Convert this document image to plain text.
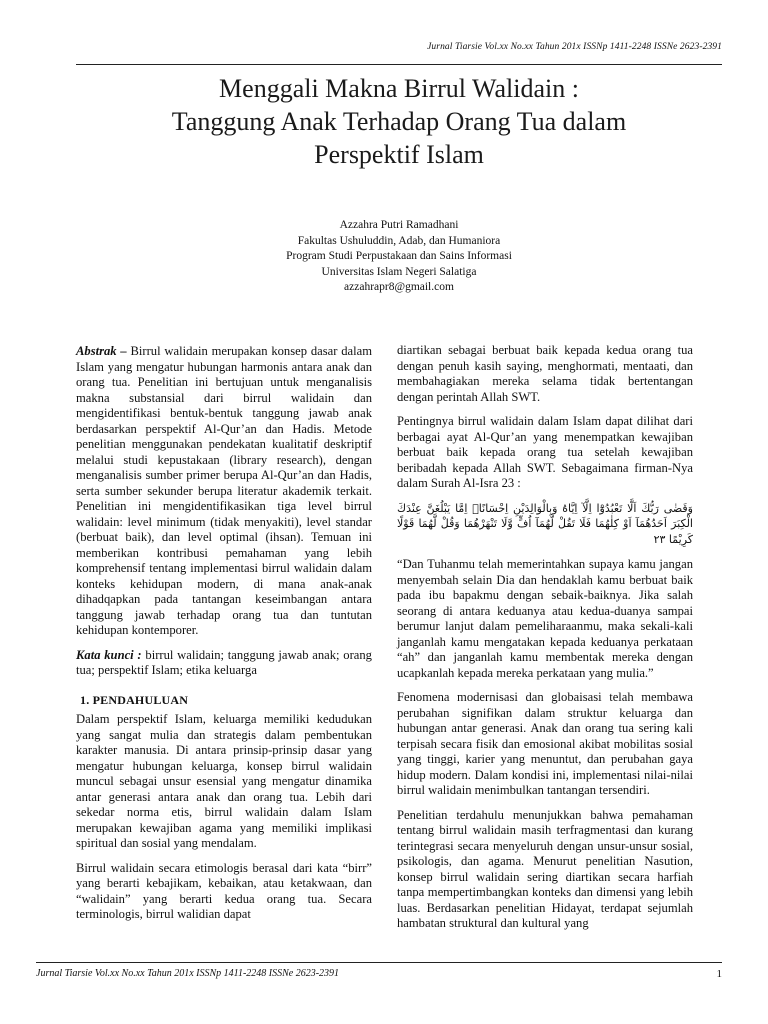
Jurnal Tiarsie Vol.xx No.xx Tahun 201x ISSNp 1411-2248 ISSNe 2623-2391
Menggali Makna Birrul Walidain :
Tanggung Anak Terhadap Orang Tua dalam
Perspektif Islam
Azzahra Putri Ramadhani
Fakultas Ushuluddin, Adab, dan Humaniora
Program Studi Perpustakaan dan Sains Informasi
Universitas Islam Negeri Salatiga
azzahrapr8@gmail.com

Abstrak – Birrul walidain merupakan konsep dasar dalam Islam yang mengatur hubungan harmonis antara anak dan orang tua. Penelitian ini bertujuan untuk menganalisis makna substansial dari birrul walidain dan mengidentifikasi bentuk-bentuk tanggung jawab anak berdasarkan perspektif Al-Qur’an dan Hadis. Metode penelitian menggunakan pendekatan kualitatif deskriptif melalui studi kepustakaan (library research), dengan menganalisis sumber primer berupa Al-Qur’an dan Hadis, serta sumber sekunder berupa literatur akademik terkait. Penelitian ini mengidentifikasikan tiga level birrul walidain: level minimum (tidak menyakiti), level standar (berbuat baik), dan level optimal (ihsan). Temuan ini memberikan kontribusi pemahaman yang lebih komprehensif tentang implementasi birrul walidain dalam konteks kehidupan modern, di mana anak-anak dihadqapkan pada tantangan keseimbangan antara tanggung jawab terhadap orang tua dan tuntutan kehidupan kontemporer.

Kata kunci : birrul walidain; tanggung jawab anak; orang tua; perspektif Islam; etika keluarga

1. PENDAHULUAN

Dalam perspektif Islam, keluarga memiliki kedudukan yang sangat mulia dan strategis dalam pembentukan karakter manusia. Di antara prinsip-prinsip dasar yang mengatur hubungan keluarga, konsep birrul walidain muncul sebagai unsur esensial yang mengatur dinamika antar generasi antara anak dan orang tua. Lebih dari sekedar norma etis, birrul walidain dalam Islam merupakan kewajiban agama yang memiliki implikasi spiritual dan sosial yang mendalam.

Birrul walidain secara etimologis berasal dari kata “birr” yang berarti kebajikam, kebaikan, atau ketakwaan, dan “walidain” yang berarti kedua orang tua. Secara terminologis, birrul walidian dapat

diartikan sebagai berbuat baik kepada kedua orang tua dengan penuh kasih saying, menghormati, mentaati, dan membahagiakan mereka selama tidak bertentangan dengan perintah Allah SWT.

Pentingnya birrul walidain dalam Islam dapat dilihat dari berbagai ayat Al-Qur’an yang menempatkan kewajiban berbuat baik kepada orang tua setelah kewajiban beribadah kepada Allah SWT. Sebagaimana firman-Nya dalam Surah Al-Isra 23 :

وَقَضٰى رَبُّكَ اَلَّا تَعْبُدُوْٓا اِلَّآ اِيَّاهُ وَبِالْوَالِدَيْنِ اِحْسَانًاۗ اِمَّا يَبْلُغَنَّ عِنْدَكَ الْكِبَرَ اَحَدُهُمَآ اَوْ كِلٰهُمَا فَلَا تَقُلْ لَّهُمَآ اُفٍّ وَّلَا تَنْهَرْهُمَا وَقُلْ لَّهُمَا قَوْلًا كَرِيْمًا ٢٣

“Dan Tuhanmu telah memerintahkan supaya kamu jangan menyembah selain Dia dan hendaklah kamu berbuat baik pada ibu bapakmu dengan sebaik-baiknya. Jika salah seorang di antara keduanya atau kedua-duanya sampai berumur lanjut dalam pemeliharaanmu, maka sekali-kali janganlah kamu mengatakan kepada keduanya perkataan “ah” dan janganlah kamu membentak mereka dengan ucapkanlah kepada mereka perkataan yang mulia.”

Fenomena modernisasi dan globaisasi telah membawa perubahan signifikan dalam struktur keluarga dan hubungan antar generasi. Anak dan orang tua sering kali terpisah secara fisik dan emosional akibat mobilitas sosial yang tinggi, karier yang menuntut, dan perubahan gaya hidup modern. Dalam kondisi ini, implementasi nilai-nilai birrul walidain menimbulkan tantangan tersendiri.

Penelitian terdahulu menunjukkan bahwa pemahaman tentang birrul walidain masih terfragmentasi dan kurang terintegrasi secara menyeluruh dengan unsur-unsur sosial, psikologis, dan agama. Menurut penelitian Nasution, konsep birrul walidain sering diartikan secara harfiah tanpa mempertimbangkan konteks dan dimensi yang lebih luas. Berdasarkan penelitian Hidayat, terdapat sejumlah hambatan struktural dan kultural yang

Jurnal Tiarsie Vol.xx No.xx Tahun 201x ISSNp 1411-2248 ISSNe 2623-2391	1
